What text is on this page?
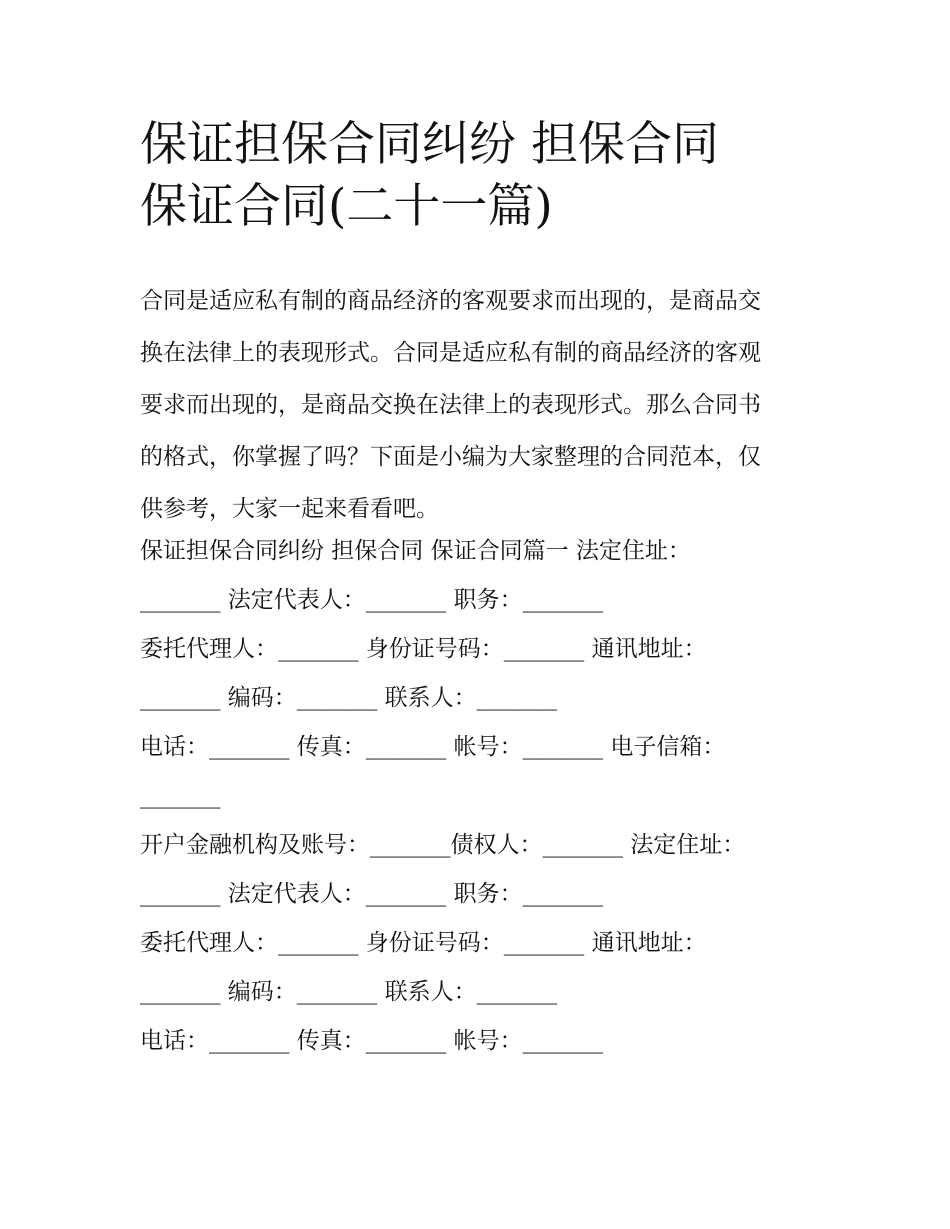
保证担保合同纠纷 担保合同
保证合同(二十一篇)

合同是适应私有制的商品经济的客观要求而出现的，是商品交
换在法律上的表现形式。合同是适应私有制的商品经济的客观
要求而出现的，是商品交换在法律上的表现形式。那么合同书
的格式，你掌握了吗？下面是小编为大家整理的合同范本，仅
供参考，大家一起来看看吧。

保证担保合同纠纷 担保合同 保证合同篇一 法定住址：
_______ 法定代表人：_______ 职务：_______
委托代理人：_______ 身份证号码：_______ 通讯地址：
_______ 编码：_______ 联系人：_______
电话：_______ 传真：_______ 帐号：_______ 电子信箱：
_______
开户金融机构及账号：_______债权人：_______ 法定住址：
_______ 法定代表人：_______ 职务：_______
委托代理人：_______ 身份证号码：_______ 通讯地址：
_______ 编码：_______ 联系人：_______
电话：_______ 传真：_______ 帐号：_______
